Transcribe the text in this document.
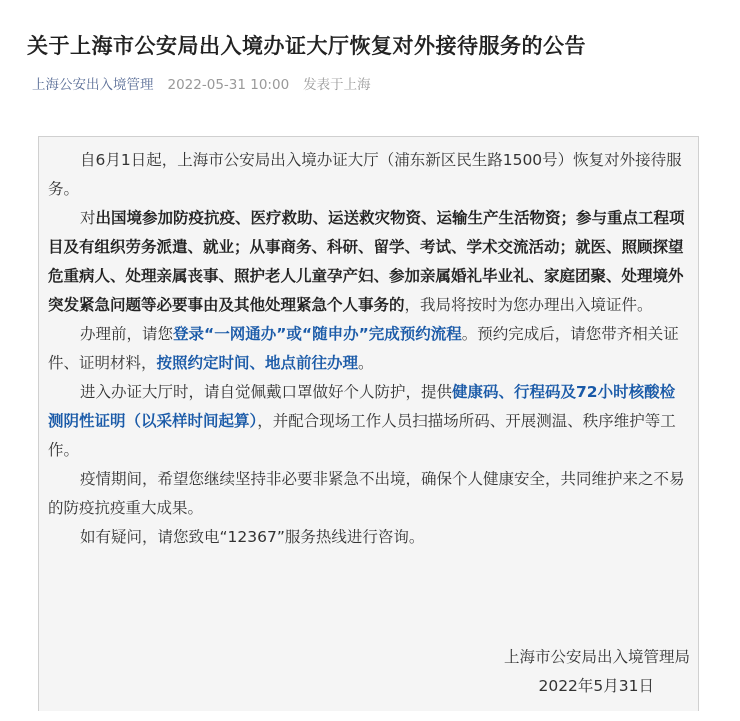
关于上海市公安局出入境办证大厅恢复对外接待服务的公告
上海公安出入境管理 2022-05-31 10:00 发表于上海

自6月1日起，上海市公安局出入境办证大厅（浦东新区民生路1500号）恢复对外接待服务。

对出国境参加防疫抗疫、医疗救助、运送救灾物资、运输生产生活物资；参与重点工程项目及有组织劳务派遣、就业；从事商务、科研、留学、考试、学术交流活动；就医、照顾探望危重病人、处理亲属丧事、照护老人儿童孕产妇、参加亲属婚礼毕业礼、家庭团聚、处理境外突发紧急问题等必要事由及其他处理紧急个人事务的，我局将按时为您办理出入境证件。

办理前，请您登录“一网通办”或“随申办”完成预约流程。预约完成后，请您带齐相关证件、证明材料，按照约定时间、地点前往办理。

进入办证大厅时，请自觉佩戴口罩做好个人防护，提供健康码、行程码及72小时核酸检测阴性证明（以采样时间起算），并配合现场工作人员扫描场所码、开展测温、秩序维护等工作。

疫情期间，希望您继续坚持非必要非紧急不出境，确保个人健康安全，共同维护来之不易的防疫抗疫重大成果。

如有疑问，请您致电“12367”服务热线进行咨询。

上海市公安局出入境管理局
2022年5月31日
